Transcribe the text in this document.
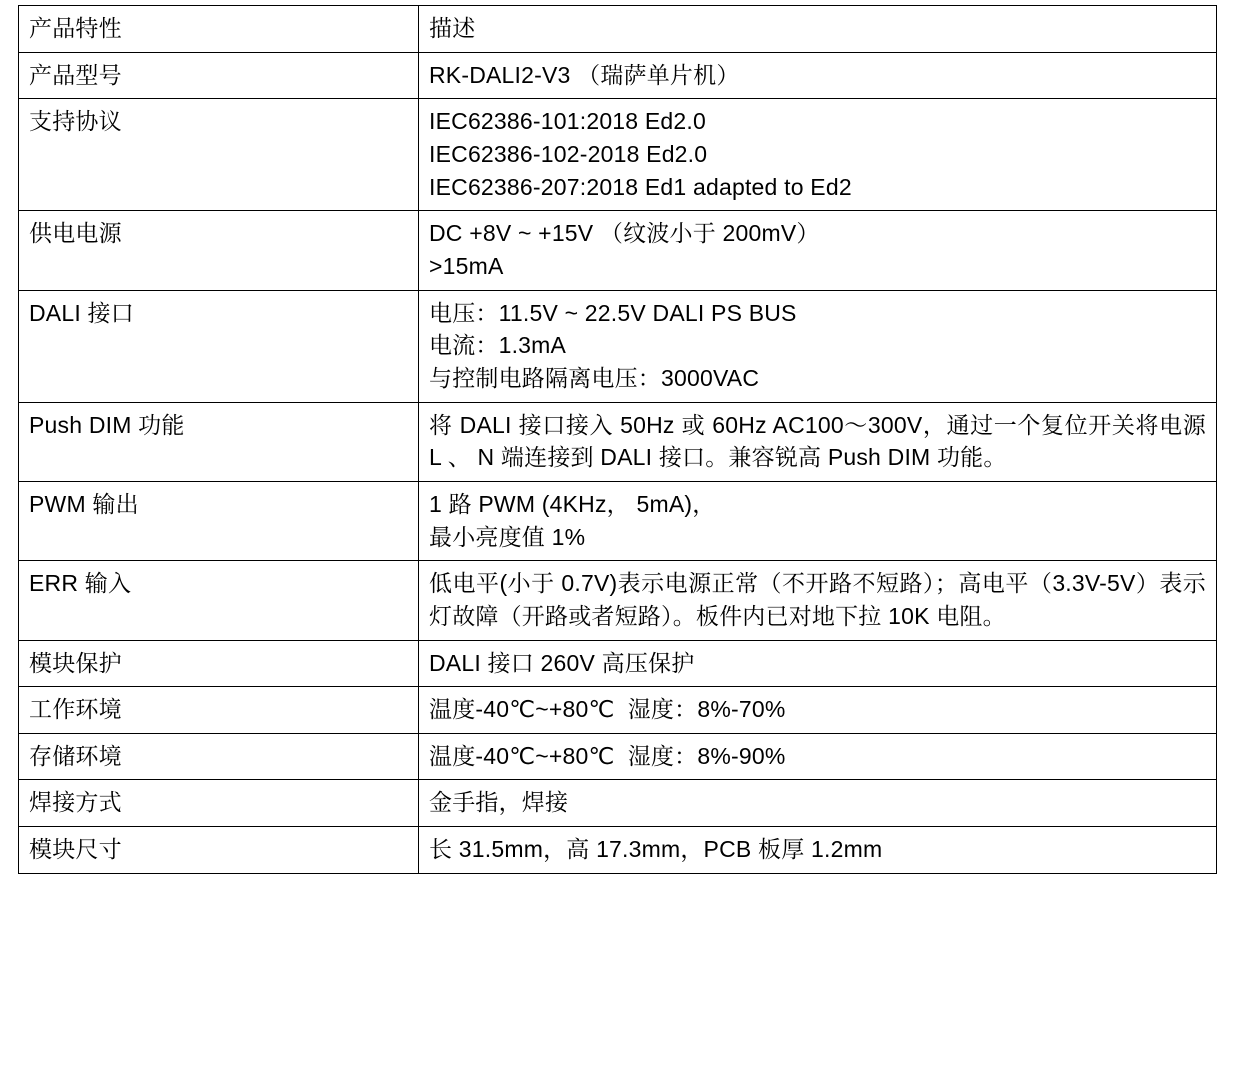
产品特性	描述
产品型号	RK-DALI2-V3 （瑞萨单片机）

支持协议	IEC62386-101:2018 Ed2.0
IEC62386-102-2018 Ed2.0
IEC62386-207:2018 Ed1 adapted to Ed2

供电电源	DC +8V ~ +15V （纹波小于 200mV）
>15mA

DALI 接口	电压：11.5V ~ 22.5V DALI PS BUS
电流：1.3mA
与控制电路隔离电压：3000VAC

Push DIM 功能	将 DALI 接口接入 50Hz 或 60Hz AC100～300V，通过一个复位开关将电源 L 、 N 端连接到 DALI 接口。兼容锐高 Push DIM 功能。

PWM 输出	1 路 PWM (4KHz， 5mA)，
最小亮度值 1%

ERR 输入	低电平(小于 0.7V)表示电源正常（不开路不短路）；高电平（3.3V-5V）表示灯故障（开路或者短路）。板件内已对地下拉 10K 电阻。

模块保护	DALI 接口 260V 高压保护

工作环境	温度-40℃~+80℃  湿度：8%-70%

存储环境	温度-40℃~+80℃  湿度：8%-90%

焊接方式	金手指，焊接

模块尺寸	长 31.5mm，高 17.3mm，PCB 板厚 1.2mm
